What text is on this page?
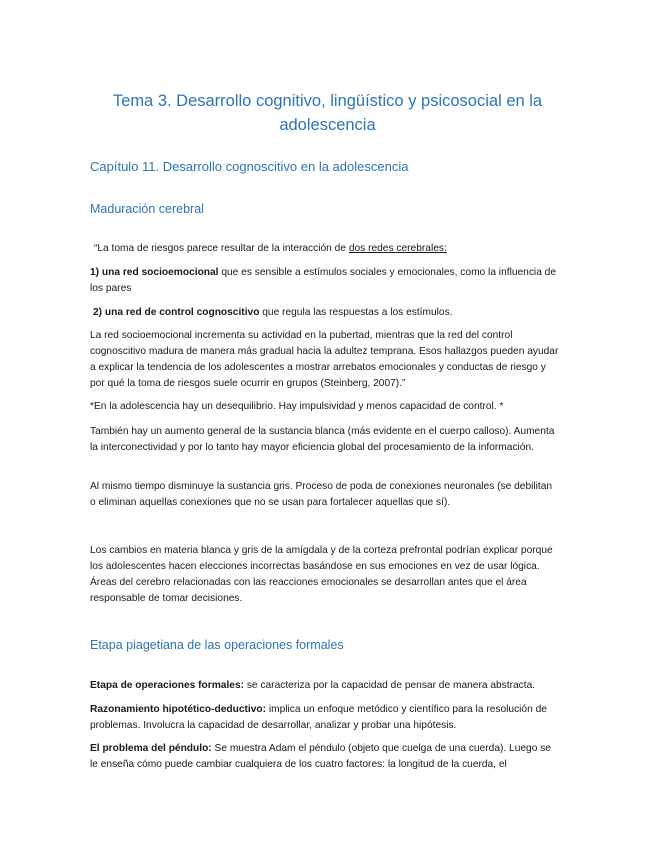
Tema 3. Desarrollo cognitivo, lingüístico y psicosocial en la adolescencia
Capítulo 11. Desarrollo cognoscitivo en la adolescencia
Maduración cerebral

“La toma de riesgos parece resultar de la interacción de dos redes cerebrales:

1) una red socioemocional que es sensible a estímulos sociales y emocionales, como la influencia de los pares

2) una red de control cognoscitivo que regula las respuestas a los estímulos.

La red socioemocional incrementa su actividad en la pubertad, mientras que la red del control cognoscitivo madura de manera más gradual hacia la adultez temprana. Esos hallazgos pueden ayudar a explicar la tendencia de los adolescentes a mostrar arrebatos emocionales y conductas de riesgo y por qué la toma de riesgos suele ocurrir en grupos (Steinberg, 2007).”

*En la adolescencia hay un desequilibrio. Hay impulsividad y menos capacidad de control. *

También hay un aumento general de la sustancia blanca (más evidente en el cuerpo calloso). Aumenta la interconectividad y por lo tanto hay mayor eficiencia global del procesamiento de la información.

Al mismo tiempo disminuye la sustancia gris. Proceso de poda de conexiones neuronales (se debilitan o eliminan aquellas conexiones que no se usan para fortalecer aquellas que sí).

Los cambios en materia blanca y gris de la amígdala y de la corteza prefrontal podrían explicar porque los adolescentes hacen elecciones incorrectas basándose en sus emociones en vez de usar lógica. Áreas del cerebro relacionadas con las reacciones emocionales se desarrollan antes que el área responsable de tomar decisiones.

Etapa piagetiana de las operaciones formales

Etapa de operaciones formales: se caracteriza por la capacidad de pensar de manera abstracta.

Razonamiento hipotético-deductivo: implica un enfoque metódico y científico para la resolución de problemas. Involucra la capacidad de desarrollar, analizar y probar una hipótesis.

El problema del péndulo: Se muestra Adam el péndulo (objeto que cuelga de una cuerda). Luego se le enseña cómo puede cambiar cualquiera de los cuatro factores: la longitud de la cuerda, el
